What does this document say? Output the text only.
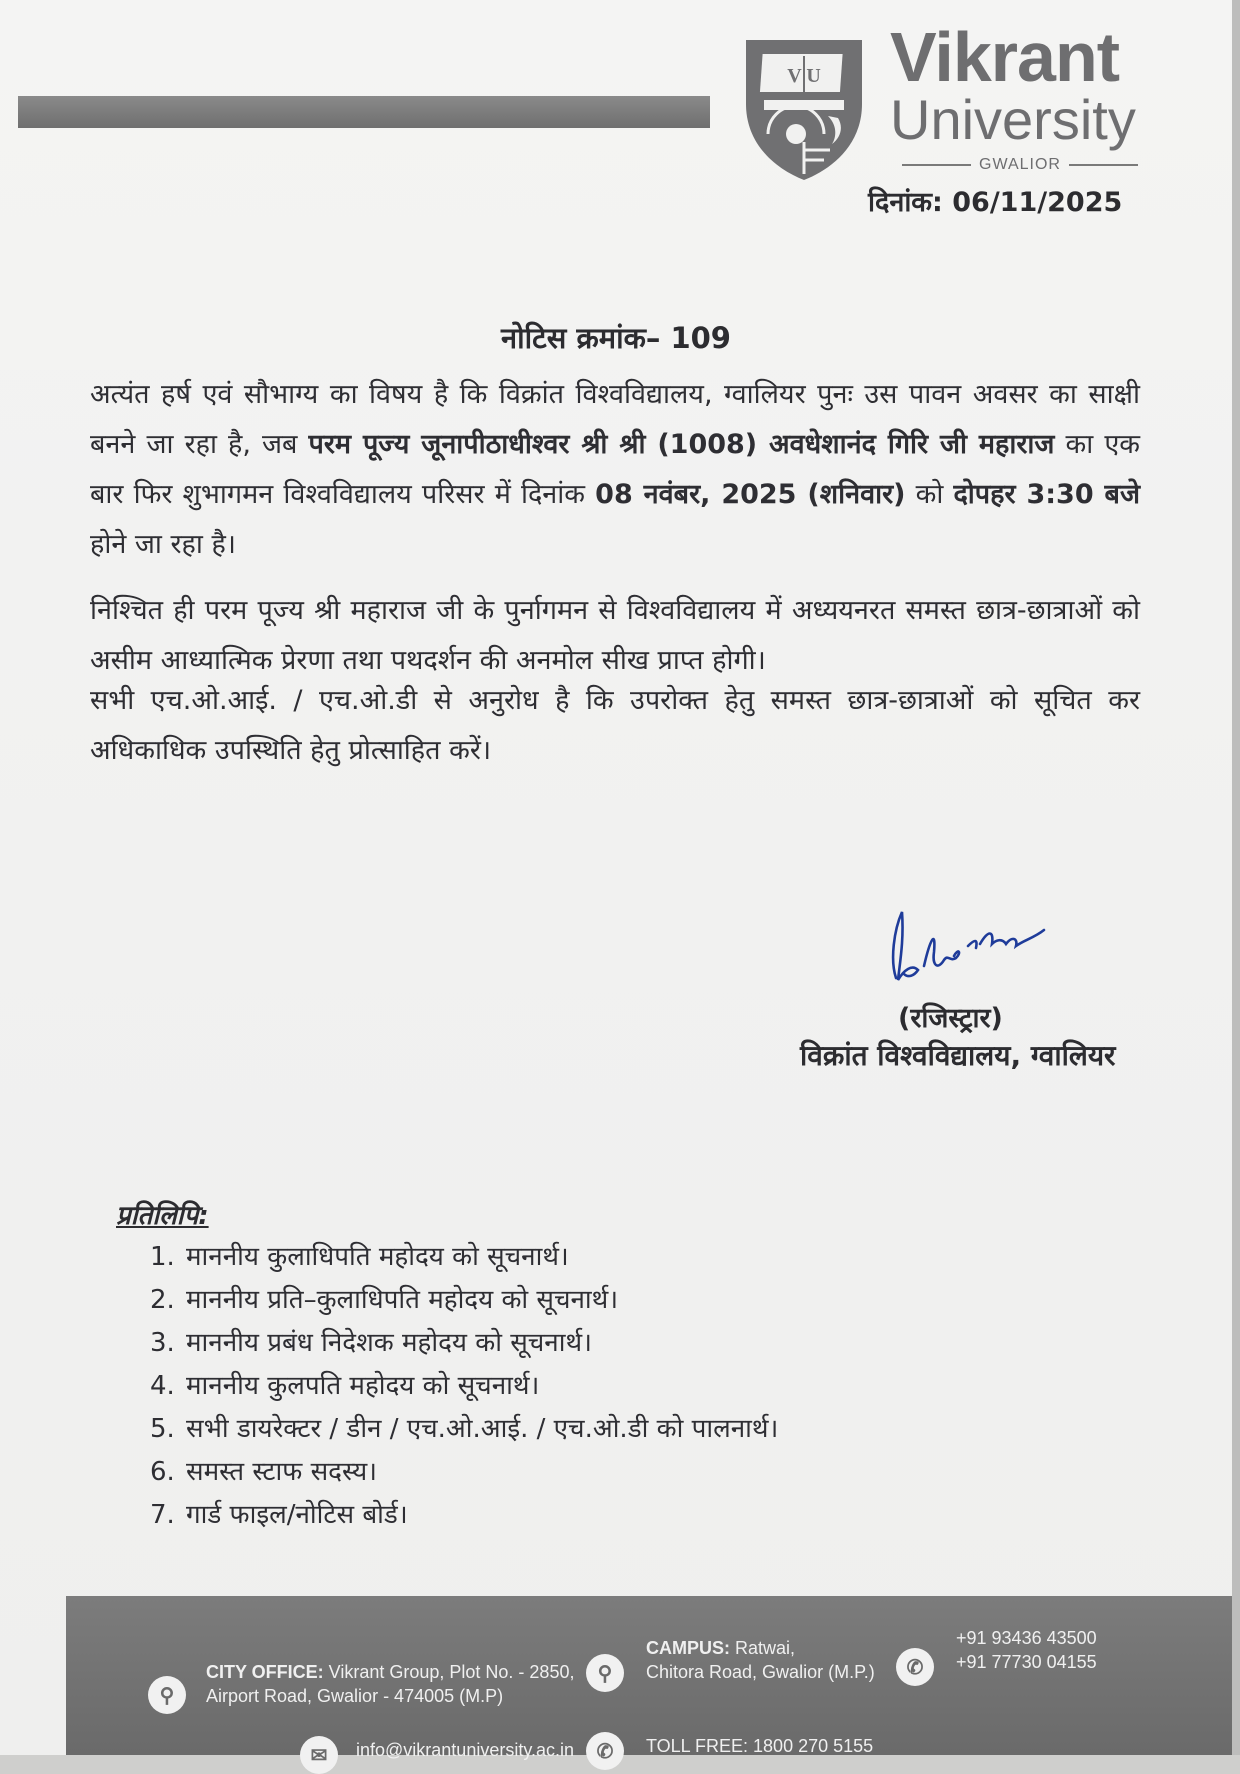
V U Vikrant
University
GWALIOR
दिनांक: 06/11/2025
नोटिस क्रमांक– 109
अत्यंत हर्ष एवं सौभाग्य का विषय है कि विक्रांत विश्वविद्यालय, ग्वालियर पुनः उस पावन अवसर का साक्षी बनने जा रहा है, जब परम पूज्य जूनापीठाधीश्वर श्री श्री (1008) अवधेशानंद गिरि जी महाराज का एक बार फिर शुभागमन विश्वविद्यालय परिसर में दिनांक 08 नवंबर, 2025 (शनिवार) को दोपहर 3:30 बजे होने जा रहा है।
निश्चित ही परम पूज्य श्री महाराज जी के पुर्नागमन से विश्वविद्यालय में अध्ययनरत समस्त छात्र-छात्राओं को असीम आध्यात्मिक प्रेरणा तथा पथदर्शन की अनमोल सीख प्राप्त होगी।
सभी एच.ओ.आई. / एच.ओ.डी से अनुरोध है कि उपरोक्त हेतु समस्त छात्र-छात्राओं को सूचित कर अधिकाधिक उपस्थिति हेतु प्रोत्साहित करें।
(रजिस्ट्रार)
विक्रांत विश्वविद्यालय, ग्वालियर
प्रतिलिपि:
1. माननीय कुलाधिपति महोदय को सूचनार्थ।
2. माननीय प्रति–कुलाधिपति महोदय को सूचनार्थ।
3. माननीय प्रबंध निदेशक महोदय को सूचनार्थ।
4. माननीय कुलपति महोदय को सूचनार्थ।
5. सभी डायरेक्टर / डीन / एच.ओ.आई. / एच.ओ.डी को पालनार्थ।
6. समस्त स्टाफ सदस्य।
7. गार्ड फाइल/नोटिस बोर्ड।
⚲
CITY OFFICE: Vikrant Group, Plot No. - 2850,
Airport Road, Gwalior - 474005 (M.P)
⚲
CAMPUS: Ratwai,
Chitora Road, Gwalior (M.P.)	✆
+91 93436 43500
+91 77730 04155
✉	info@vikrantuniversity.ac.in	✆	TOLL FREE: 1800 270 5155
